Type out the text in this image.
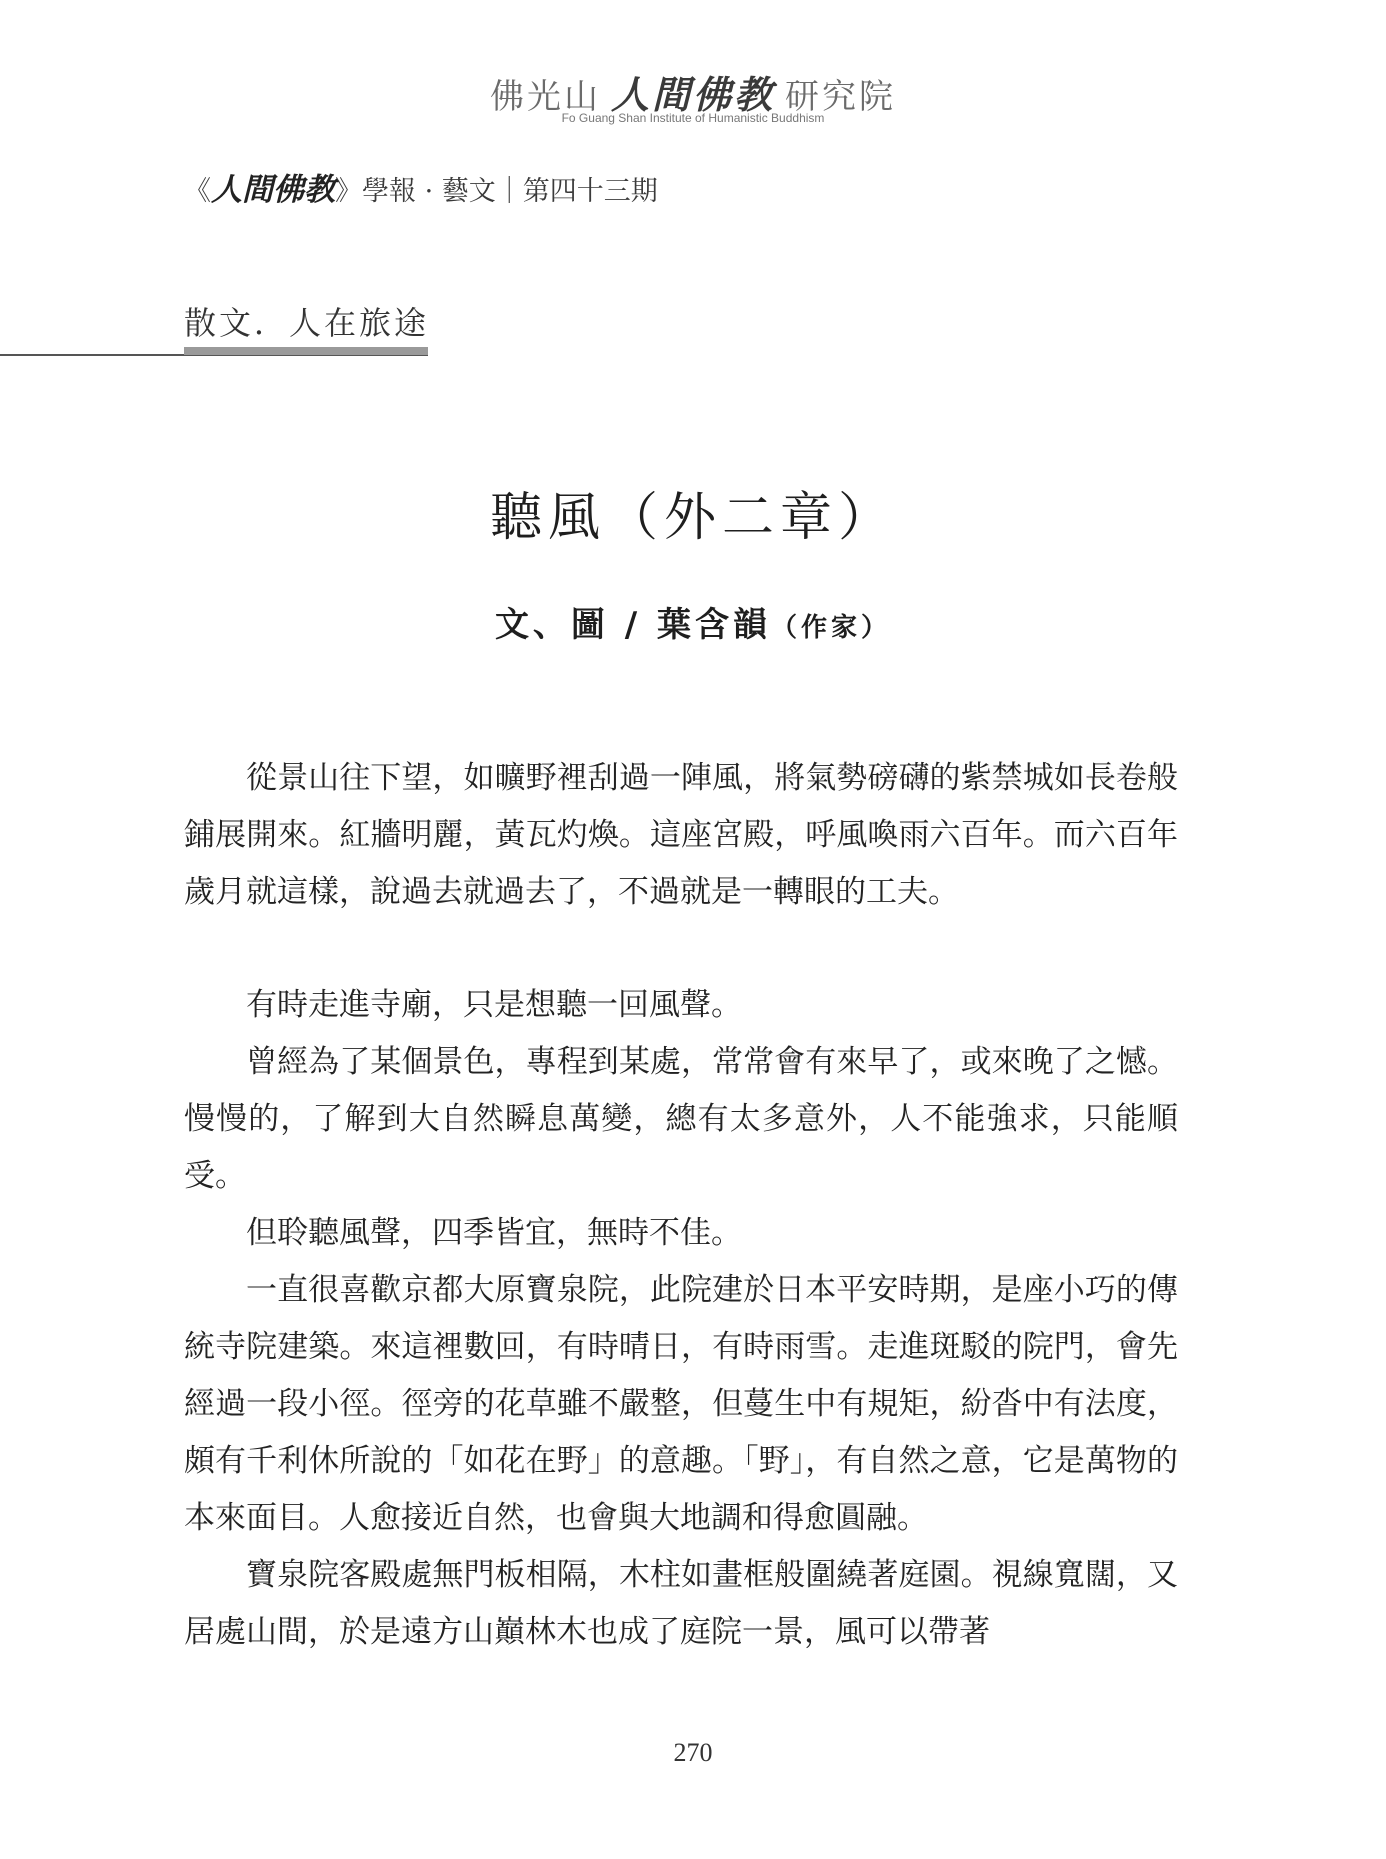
佛光山 人間佛教 研究院
Fo Guang Shan Institute of Humanistic Buddhism
《人間佛教》學報 · 藝文｜第四十三期
散文．人在旅途
聽風（外二章）
文、圖 / 葉含韻（作家）

從景山往下望，如曠野裡刮過一陣風，將氣勢磅礴的紫禁城如長卷般鋪展開來。紅牆明麗，黃瓦灼煥。這座宮殿，呼風喚雨六百年。而六百年歲月就這樣，說過去就過去了，不過就是一轉眼的工夫。

有時走進寺廟，只是想聽一回風聲。

曾經為了某個景色，專程到某處，常常會有來早了，或來晚了之憾。慢慢的，了解到大自然瞬息萬變，總有太多意外，人不能強求，只能順受。

但聆聽風聲，四季皆宜，無時不佳。

一直很喜歡京都大原寶泉院，此院建於日本平安時期，是座小巧的傳統寺院建築。來這裡數回，有時晴日，有時雨雪。走進斑駁的院門，會先經過一段小徑。徑旁的花草雖不嚴整，但蔓生中有規矩，紛沓中有法度，頗有千利休所說的「如花在野」的意趣。「野」，有自然之意，它是萬物的本來面目。人愈接近自然，也會與大地調和得愈圓融。

寶泉院客殿處無門板相隔，木柱如畫框般圍繞著庭園。視線寬闊，又居處山間，於是遠方山巔林木也成了庭院一景，風可以帶著

270
